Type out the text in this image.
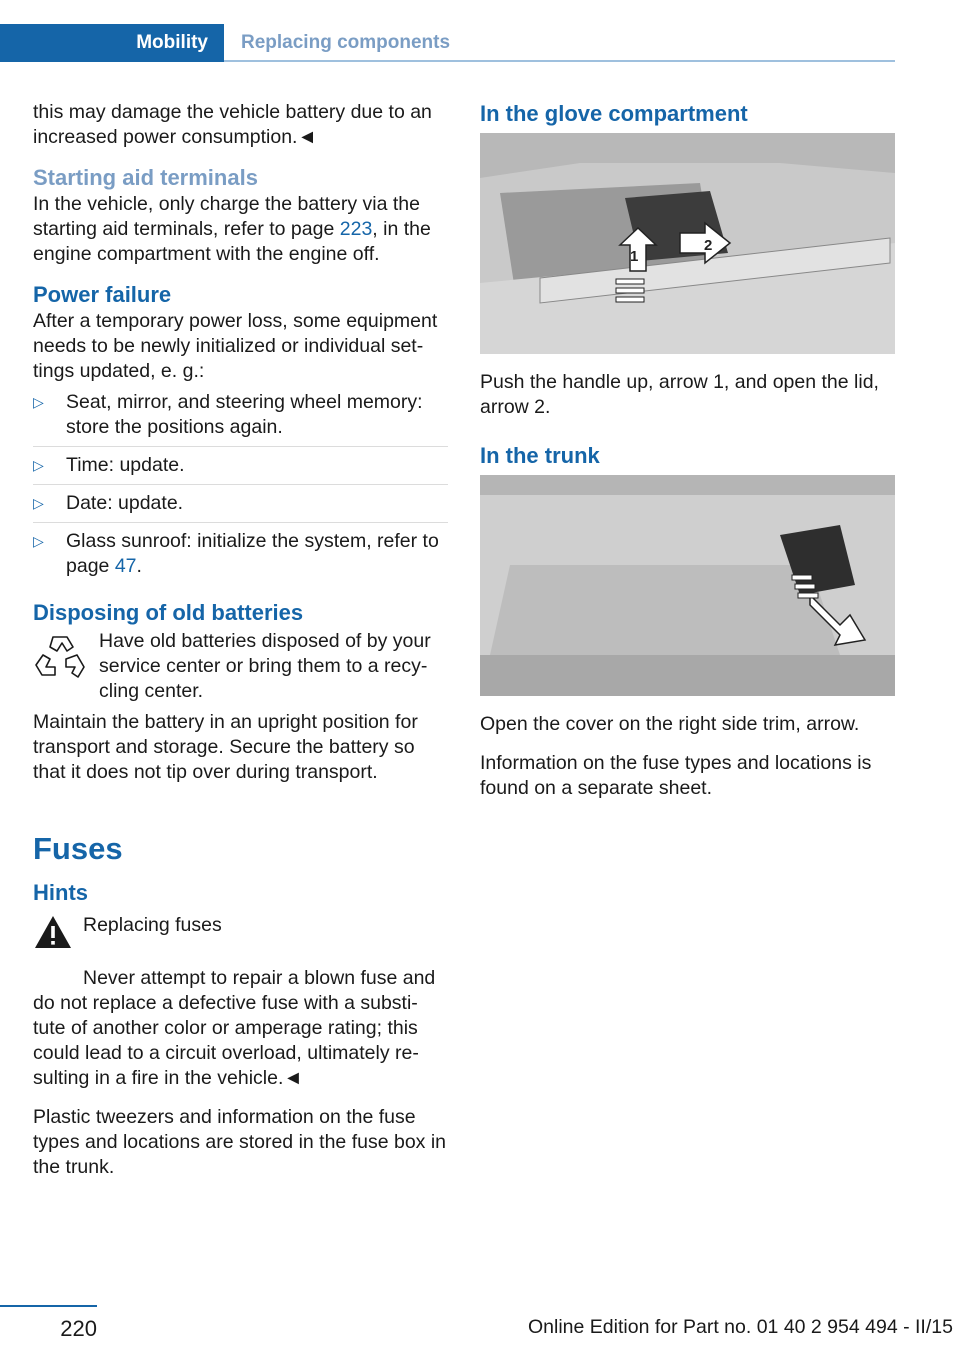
Mobility	Replacing components

this may damage the vehicle battery due to an increased power consumption.◄

Starting aid terminals

In the vehicle, only charge the battery via the starting aid terminals, refer to page 223, in the engine compartment with the engine off.

Power failure

After a temporary power loss, some equipment needs to be newly initialized or individual set-tings updated, e. g.:

▷ Seat, mirror, and steering wheel memory: store the positions again.
▷ Time: update.
▷ Date: update.
▷ Glass sunroof: initialize the system, refer to page 47.
Disposing of old batteries

Have old batteries disposed of by your service center or bring them to a recy-cling center.

Maintain the battery in an upright position for transport and storage. Secure the battery so that it does not tip over during transport.

Fuses
Hints
Replacing fuses

Never attempt to repair a blown fuse and do not replace a defective fuse with a substi-tute of another color or amperage rating; this could lead to a circuit overload, ultimately re-sulting in a fire in the vehicle.◄

Plastic tweezers and information on the fuse types and locations are stored in the fuse box in the trunk.

In the glove compartment
1
2

Push the handle up, arrow 1, and open the lid, arrow 2.

In the trunk

Open the cover on the right side trim, arrow.

Information on the fuse types and locations is found on a separate sheet.

220	Online Edition for Part no. 01 40 2 954 494 - II/15
